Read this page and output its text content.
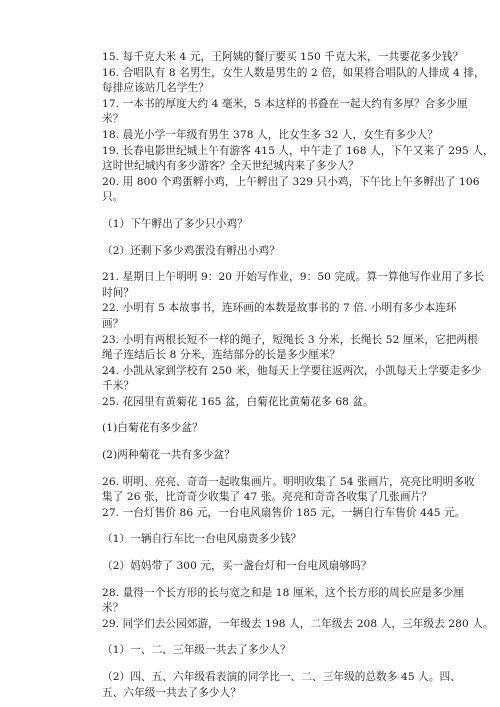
15. 每千克大米 4 元，王阿姨的餐厅要买 150 千克大米，一共要花多少钱？
16. 合唱队有 8 名男生，女生人数是男生的 2 倍，如果将合唱队的人排成 4 排，
每排应该站几名学生？
17. 一本书的厚度大约 4 毫米，5 本这样的书叠在一起大约有多厚？合多少厘
米？
18. 晨光小学一年级有男生 378 人，比女生多 32 人，女生有多少人？
19. 长春电影世纪城上午有游客 415 人，中午走了 168 人，下午又来了 295 人，
这时世纪城内有多少游客？全天世纪城内来了多少人？
20. 用 800 个鸡蛋孵小鸡，上午孵出了 329 只小鸡，下午比上午多孵出了 106
只。
（1）下午孵出了多少只小鸡？
（2）还剩下多少鸡蛋没有孵出小鸡？
21. 星期日上午明明 9：20 开始写作业，9：50 完成。算一算他写作业用了多长
时间？
22. 小明有 5 本故事书，连环画的本数是故事书的 7 倍. 小明有多少本连环
画？
23. 小明有两根长短不一样的绳子，短绳长 3 分米，长绳长 52 厘米，它把两根
绳子连结后长 8 分米，连结部分的长是多少厘米？
24. 小凯从家到学校有 250 米，他每天上学要往返两次，小凯每天上学要走多少
千米？
25. 花园里有黄菊花 165 盆，白菊花比黄菊花多 68 盆。
(1)白菊花有多少盆？
(2)两种菊花一共有多少盆？
26. 明明、亮亮、奇奇一起收集画片。明明收集了 54 张画片，亮亮比明明多收
集了 26 张，比奇奇少收集了 47 张。亮亮和奇奇各收集了几张画片？
27. 一台灯售价 86 元，一台电风扇售价 185 元，一辆自行车售价 445 元。
（1）一辆自行车比一台电风扇贵多少钱？
（2）妈妈带了 300 元，买一盏台灯和一台电风扇够吗？
28. 量得一个长方形的长与宽之和是 18 厘米，这个长方形的周长应是多少厘
米？
29. 同学们去公园郊游，一年级去 198 人，二年级去 208 人，三年级去 280 人。
（1）一、二、三年级一共去了多少人？
（2）四、五、六年级看表演的同学比一、二、三年级的总数多 45 人。四、
五、六年级一共去了多少人？
